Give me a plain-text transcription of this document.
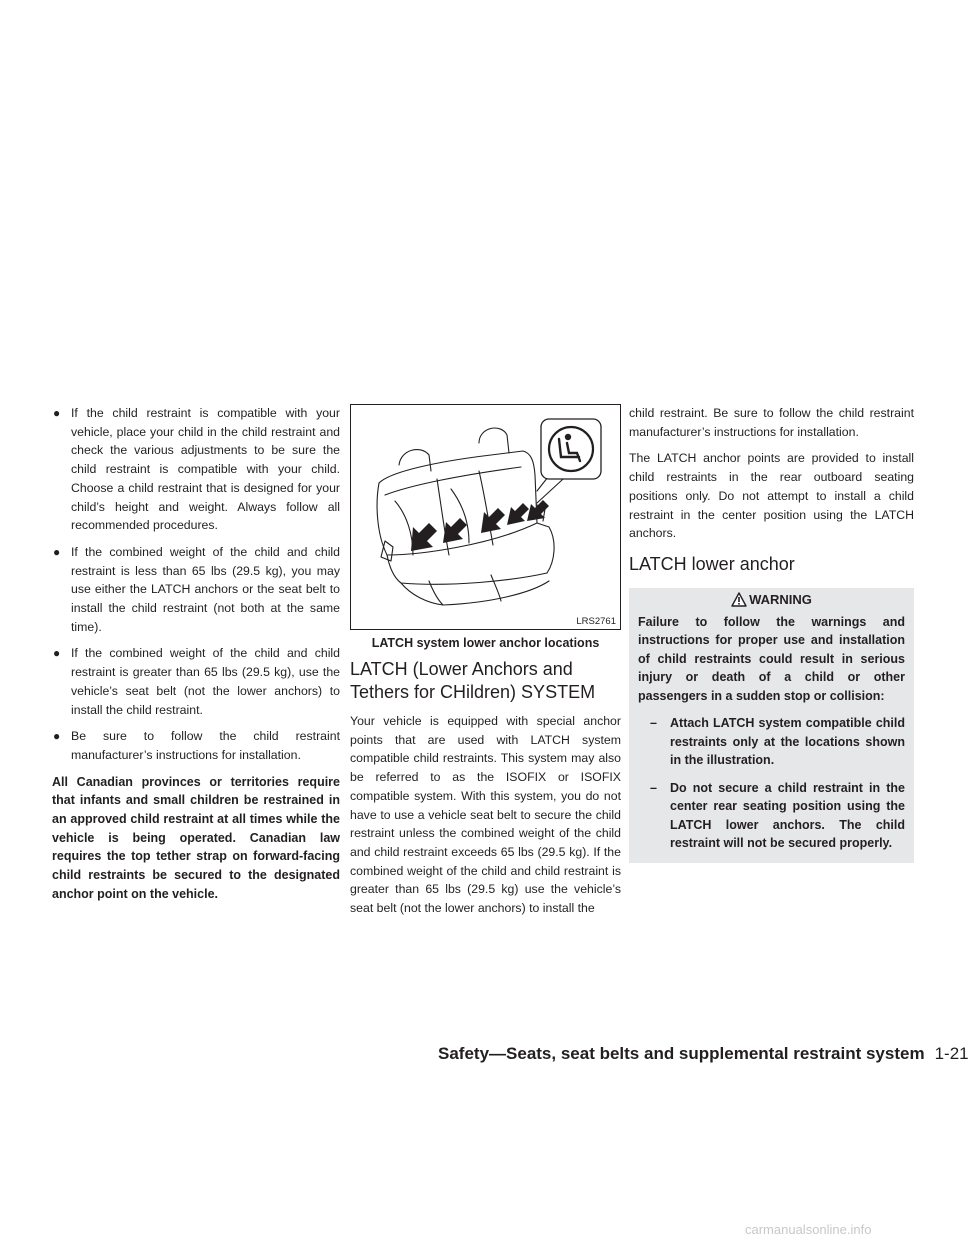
● If the child restraint is compatible with your vehicle, place your child in the child restraint and check the various adjustments to be sure the child restraint is compatible with your child. Choose a child restraint that is designed for your child’s height and weight. Always follow all recommended procedures.

● If the combined weight of the child and child restraint is less than 65 lbs (29.5 kg), you may use either the LATCH anchors or the seat belt to install the child restraint (not both at the same time).

● If the combined weight of the child and child restraint is greater than 65 lbs (29.5 kg), use the vehicle’s seat belt (not the lower anchors) to install the child restraint.

● Be sure to follow the child restraint manufacturer’s instructions for installation.

All Canadian provinces or territories require that infants and small children be restrained in an approved child restraint at all times while the vehicle is being operated. Canadian law requires the top tether strap on forward-facing child restraints be secured to the designated anchor point on the vehicle.

LRS2761

LATCH system lower anchor locations

LATCH (Lower Anchors and Tethers for CHildren) SYSTEM

Your vehicle is equipped with special anchor points that are used with LATCH system compatible child restraints. This system may also be referred to as the ISOFIX or ISOFIX compatible system. With this system, you do not have to use a vehicle seat belt to secure the child restraint unless the combined weight of the child and child restraint exceeds 65 lbs (29.5 kg). If the combined weight of the child and child restraint is greater than 65 lbs (29.5 kg) use the vehicle’s seat belt (not the lower anchors) to install the

child restraint. Be sure to follow the child restraint manufacturer’s instructions for installation.

The LATCH anchor points are provided to install child restraints in the rear outboard seating positions only. Do not attempt to install a child restraint in the center position using the LATCH anchors.

LATCH lower anchor
WARNING

Failure to follow the warnings and instructions for proper use and installation of child restraints could result in serious injury or death of a child or other passengers in a sudden stop or collision:

– Attach LATCH system compatible child restraints only at the locations shown in the illustration.
– Do not secure a child restraint in the center rear seating position using the LATCH lower anchors. The child restraint will not be secured properly.
Safety—Seats, seat belts and supplemental restraint system 1-21
carmanualsonline.info
